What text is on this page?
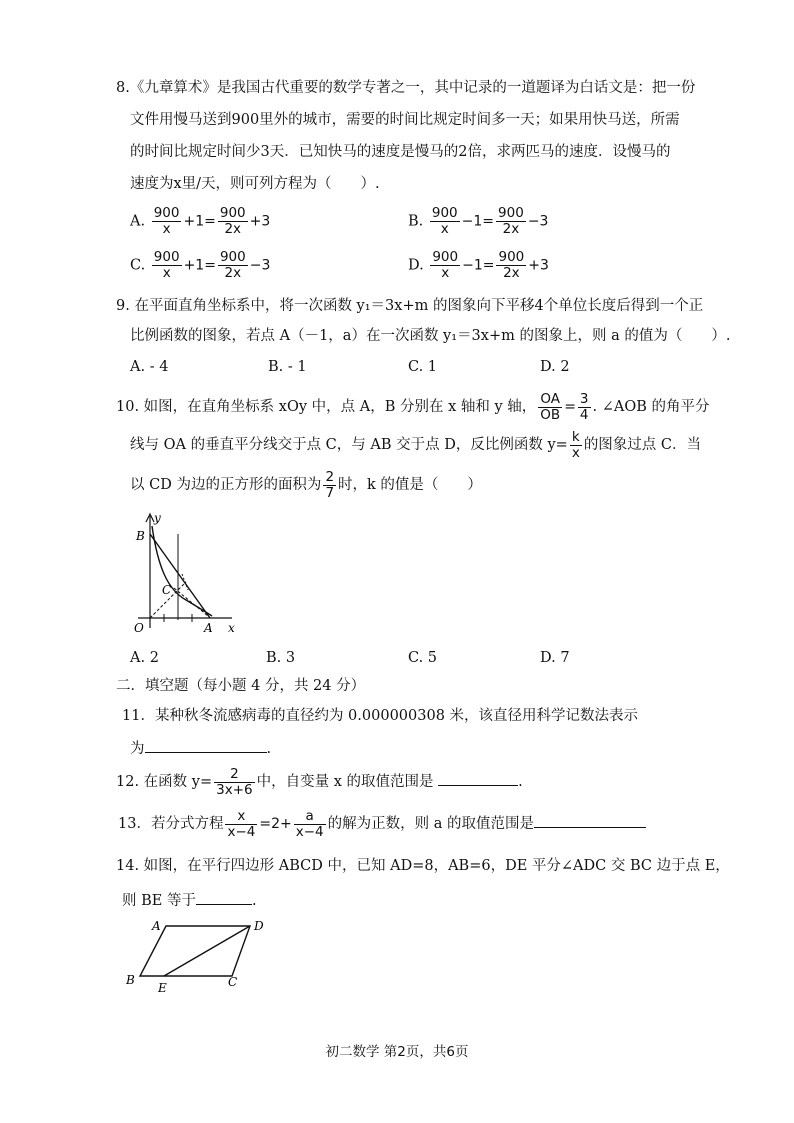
8.《九章算术》是我国古代重要的数学专著之一，其中记录的一道题译为白话文是：把一份
文件用慢马送到900里外的城市，需要的时间比规定时间多一天；如果用快马送，所需
的时间比规定时间少3天．已知快马的速度是慢马的2倍，求两匹马的速度．设慢马的
速度为x里/天，则可列方程为（　　）.
A. $\frac{900}{x} +1= \frac{900}{2x} +3$	B. $\frac{900}{x} -1= \frac{900}{2x} -3$
C. $\frac{900}{x} +1= \frac{900}{2x} -3$	D. $\frac{900}{x} -1= \frac{900}{2x} +3$
9. 在平面直角坐标系中，将一次函数 y₁＝3x+m 的图象向下平移4个单位长度后得到一个正
比例函数的图象，若点 A（－1，a）在一次函数 y₁＝3x+m 的图象上，则 a 的值为（　　）.
A. - 4	B. - 1	C. 1	D. 2
10. 如图，在直角坐标系 xOy 中，点 A，B 分别在 x 轴和 y 轴， $\frac{OA}{OB} = \frac{3}{4}$ . ∠AOB 的角平分
线与 OA 的垂直平分线交于点 C，与 AB 交于点 D，反比例函数 $y= \frac{k}{x}$ 的图象过点 C．当
以 CD 为边的正方形的面积为 $\frac{2}{7}$ 时，k 的值是（　　）
y
B
C
O	A x
A. 2	B. 3	C. 5	D. 7
二．填空题（每小题 4 分，共 24 分）
11．某种秋冬流感病毒的直径约为 0.000000308 米，该直径用科学记数法表示
为	.
12. 在函数 $y= \frac{2}{3x+6}$ 中，自变量 x 的取值范围是	.
13．若分式方程 $\frac{x}{x-4} =2+ \frac{a}{x-4}$ 的解为正数，则 a 的取值范围是
14. 如图，在平行四边形 ABCD 中，已知 AD=8，AB=6，DE 平分∠ADC 交 BC 边于点 E，
则 BE 等于	.
A	D
B
E	C
初二数学 第2页，共6页
